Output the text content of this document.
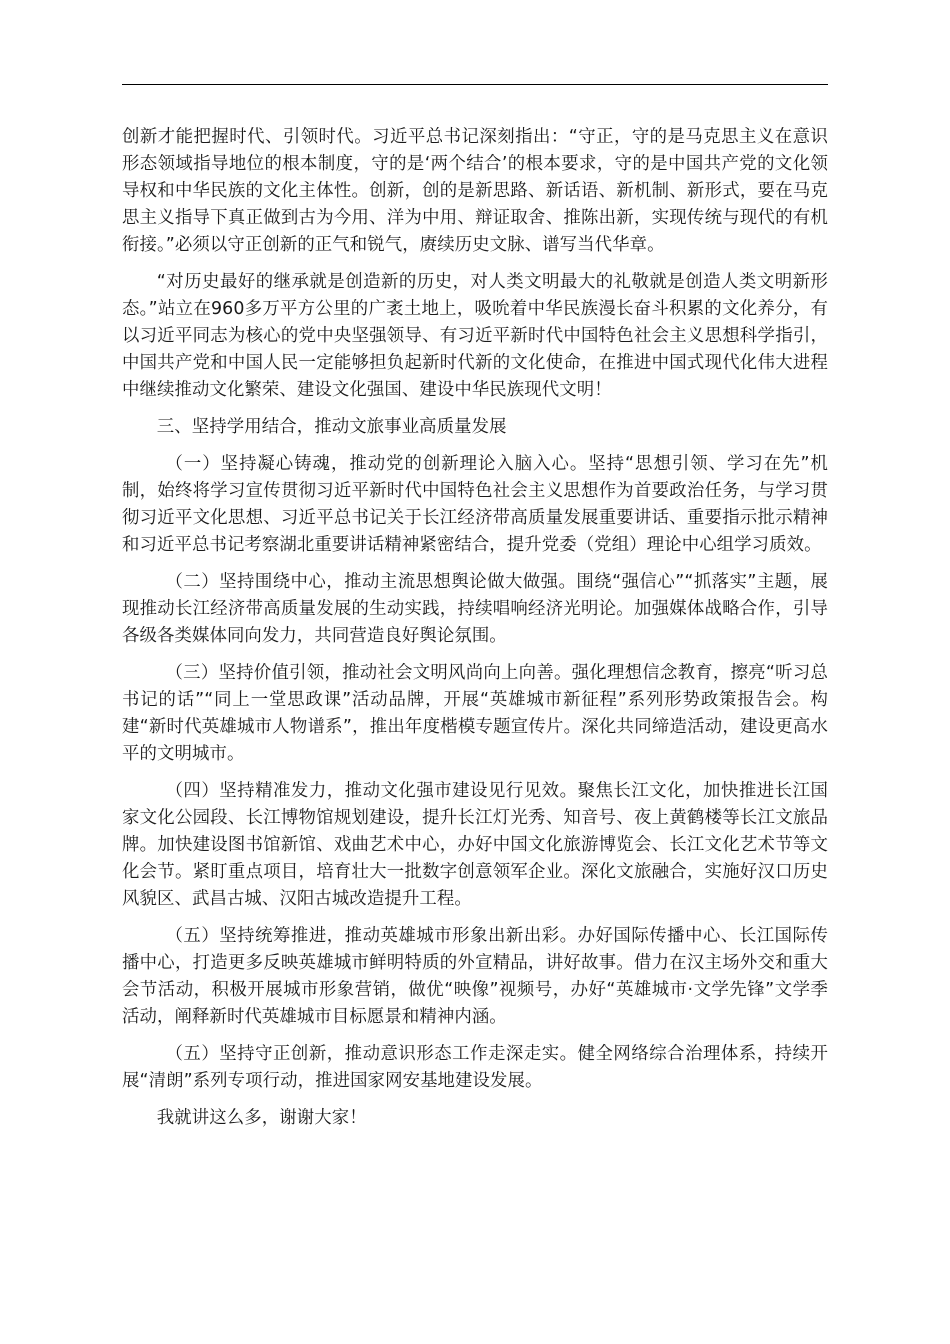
创新才能把握时代、引领时代。习近平总书记深刻指出：“守正，守的是马克思主义在意识形态领域指导地位的根本制度，守的是‘两个结合’的根本要求，守的是中国共产党的文化领导权和中华民族的文化主体性。创新，创的是新思路、新话语、新机制、新形式，要在马克思主义指导下真正做到古为今用、洋为中用、辩证取舍、推陈出新，实现传统与现代的有机衔接。”必须以守正创新的正气和锐气，赓续历史文脉、谱写当代华章。

“对历史最好的继承就是创造新的历史，对人类文明最大的礼敬就是创造人类文明新形态。”站立在960多万平方公里的广袤土地上，吸吮着中华民族漫长奋斗积累的文化养分，有以习近平同志为核心的党中央坚强领导、有习近平新时代中国特色社会主义思想科学指引，中国共产党和中国人民一定能够担负起新时代新的文化使命，在推进中国式现代化伟大进程中继续推动文化繁荣、建设文化强国、建设中华民族现代文明！

三、坚持学用结合，推动文旅事业高质量发展

（一）坚持凝心铸魂，推动党的创新理论入脑入心。坚持“思想引领、学习在先”机制，始终将学习宣传贯彻习近平新时代中国特色社会主义思想作为首要政治任务，与学习贯彻习近平文化思想、习近平总书记关于长江经济带高质量发展重要讲话、重要指示批示精神和习近平总书记考察湖北重要讲话精神紧密结合，提升党委（党组）理论中心组学习质效。

（二）坚持围绕中心，推动主流思想舆论做大做强。围绕“强信心”“抓落实”主题，展现推动长江经济带高质量发展的生动实践，持续唱响经济光明论。加强媒体战略合作，引导各级各类媒体同向发力，共同营造良好舆论氛围。

（三）坚持价值引领，推动社会文明风尚向上向善。强化理想信念教育，擦亮“听习总书记的话”“同上一堂思政课”活动品牌，开展“英雄城市新征程”系列形势政策报告会。构建“新时代英雄城市人物谱系”，推出年度楷模专题宣传片。深化共同缔造活动，建设更高水平的文明城市。

（四）坚持精准发力，推动文化强市建设见行见效。聚焦长江文化，加快推进长江国家文化公园段、长江博物馆规划建设，提升长江灯光秀、知音号、夜上黄鹤楼等长江文旅品牌。加快建设图书馆新馆、戏曲艺术中心，办好中国文化旅游博览会、长江文化艺术节等文化会节。紧盯重点项目，培育壮大一批数字创意领军企业。深化文旅融合，实施好汉口历史风貌区、武昌古城、汉阳古城改造提升工程。

（五）坚持统筹推进，推动英雄城市形象出新出彩。办好国际传播中心、长江国际传播中心，打造更多反映英雄城市鲜明特质的外宣精品，讲好故事。借力在汉主场外交和重大会节活动，积极开展城市形象营销，做优“映像”视频号，办好“英雄城市·文学先锋”文学季活动，阐释新时代英雄城市目标愿景和精神内涵。

（五）坚持守正创新，推动意识形态工作走深走实。健全网络综合治理体系，持续开展“清朗”系列专项行动，推进国家网安基地建设发展。

我就讲这么多，谢谢大家！
